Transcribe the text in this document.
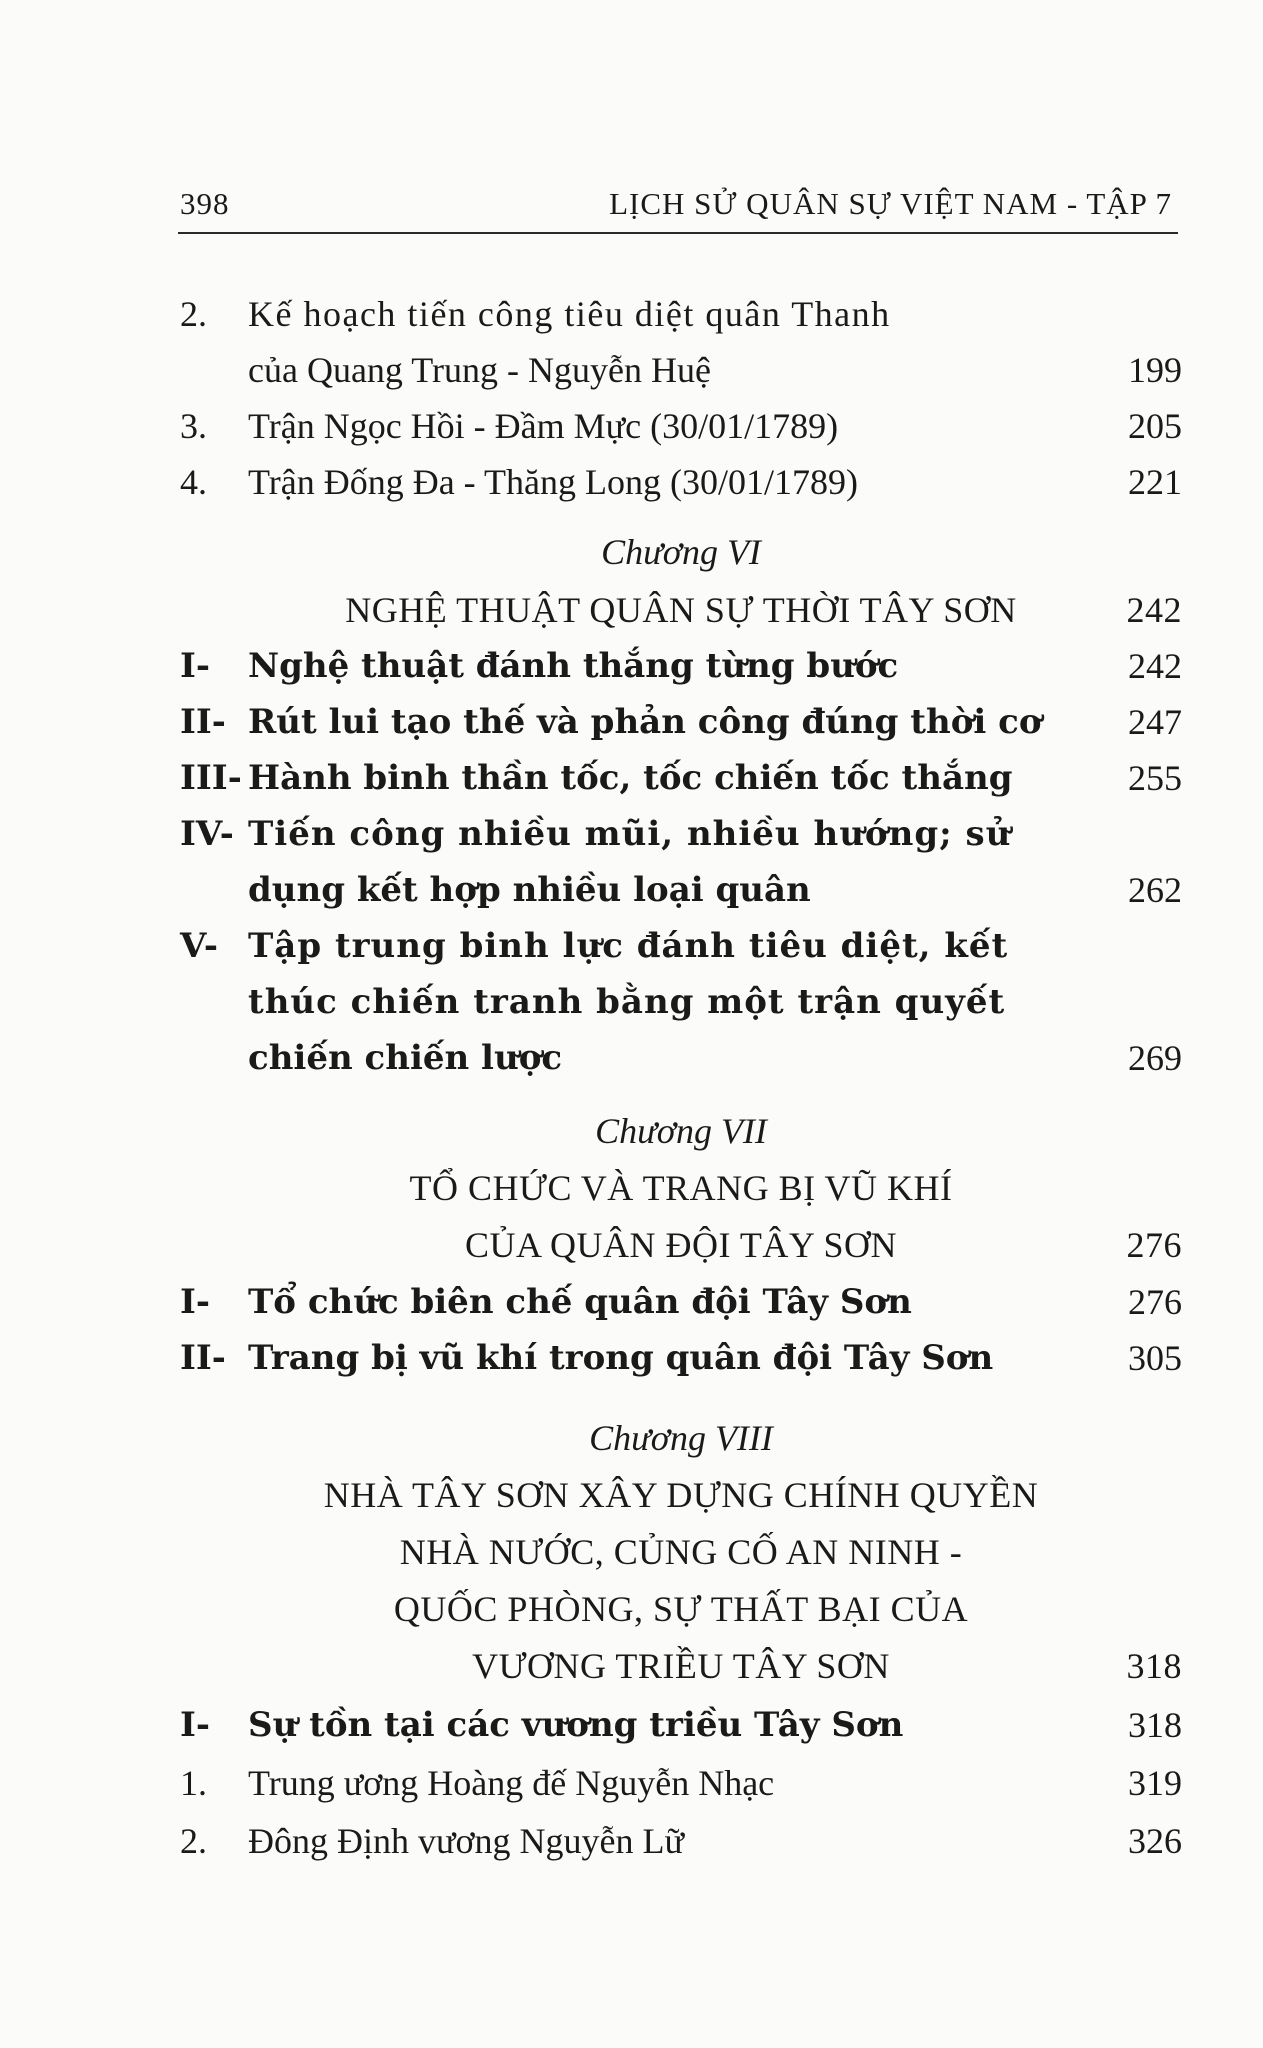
398	LỊCH SỬ QUÂN SỰ VIỆT NAM - TẬP 7
2. Kế hoạch tiến công tiêu diệt quân Thanh
của Quang Trung - Nguyễn Huệ	199
3. Trận Ngọc Hồi - Đầm Mực (30/01/1789)	205
4. Trận Đống Đa - Thăng Long (30/01/1789)	221
Chương VI
NGHỆ THUẬT QUÂN SỰ THỜI TÂY SƠN	242
I- Nghệ thuật đánh thắng từng bước	242
II- Rút lui tạo thế và phản công đúng thời cơ 247
III- Hành binh thần tốc, tốc chiến tốc thắng	255
IV- Tiến công nhiều mũi, nhiều hướng; sử
dụng kết hợp nhiều loại quân	262
V- Tập trung binh lực đánh tiêu diệt, kết
thúc chiến tranh bằng một trận quyết
chiến chiến lược	269
Chương VII
TỔ CHỨC VÀ TRANG BỊ VŨ KHÍ
CỦA QUÂN ĐỘI TÂY SƠN	276
I- Tổ chức biên chế quân đội Tây Sơn	276
II- Trang bị vũ khí trong quân đội Tây Sơn	305
Chương VIII
NHÀ TÂY SƠN XÂY DỰNG CHÍNH QUYỀN
NHÀ NƯỚC, CỦNG CỐ AN NINH -
QUỐC PHÒNG, SỰ THẤT BẠI CỦA
VƯƠNG TRIỀU TÂY SƠN	318
I- Sự tồn tại các vương triều Tây Sơn	318
1. Trung ương Hoàng đế Nguyễn Nhạc	319
2. Đông Định vương Nguyễn Lữ	326
